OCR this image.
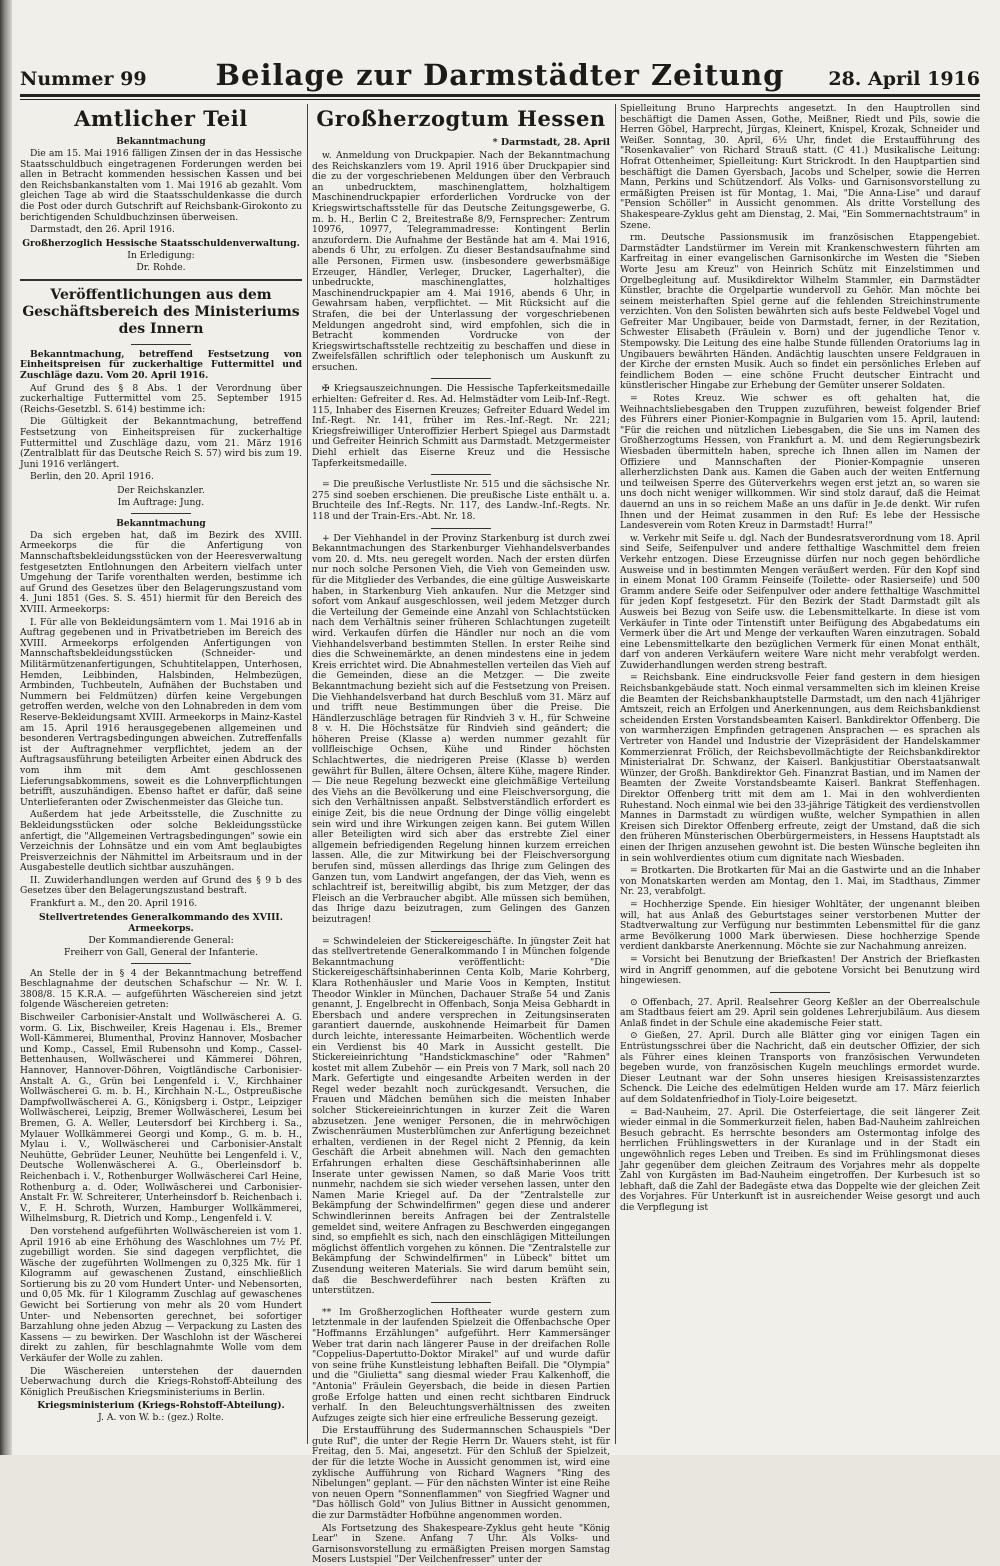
Nummer 99	Beilage zur Darmstädter Zeitung	28. April 1916
Amtlicher Teil
Bekanntmachung

Die am 15. Mai 1916 fälligen Zinsen der in das Hessische Staatsschuldbuch eingetragenen Forderungen werden bei allen in Betracht kommenden hessischen Kassen und bei den Reichsbankanstalten vom 1. Mai 1916 ab gezahlt. Vom gleichen Tage ab wird die Staatsschuldenkasse die durch die Post oder durch Gutschrift auf Reichsbank-Girokonto zu berichtigenden Schuldbuchzinsen überweisen.

Darmstadt, den 26. April 1916.

Großherzoglich Hessische Staatsschuldenverwaltung.
In Erledigung:
Dr. Rohde.
Veröffentlichungen aus dem Geschäftsbereich des Ministeriums des Innern

Bekanntmachung, betreffend Festsetzung von Einheitspreisen für zuckerhaltige Futtermittel und Zuschläge dazu. Vom 20. April 1916.

Auf Grund des § 8 Abs. 1 der Verordnung über zuckerhaltige Futtermittel vom 25. September 1915 (Reichs-Gesetzbl. S. 614) bestimme ich:

Die Gültigkeit der Bekanntmachung, betreffend Festsetzung von Einheitspreisen für zuckerhaltige Futtermittel und Zuschläge dazu, vom 21. März 1916 (Zentralblatt für das Deutsche Reich S. 57) wird bis zum 19. Juni 1916 verlängert.

Berlin, den 20. April 1916.

Der Reichskanzler.
Im Auftrage: Jung.
Bekanntmachung

Da sich ergeben hat, daß im Bezirk des XVIII. Armeekorps die für die Anfertigung von Mannschaftsbekleidungsstücken von der Heeresverwaltung festgesetzten Entlohnungen den Arbeitern vielfach unter Umgehung der Tarife vorenthalten werden, bestimme ich auf Grund des Gesetzes über den Belagerungszustand vom 4. Juni 1851 (Ges. S. S. 451) hiermit für den Bereich des XVIII. Armeekorps:

I. Für alle von Bekleidungsämtern vom 1. Mai 1916 ab in Auftrag gegebenen und in Privatbetrieben im Bereich des XVIII. Armeekorps erfolgenden Anfertigungen von Mannschaftsbekleidungsstücken (Schneider- und Militärmützenanfertigungen, Schuhtitelappen, Unterhosen, Hemden, Leibbinden, Halsbinden, Helmbezügen, Armbinden, Tuchbeuteln, Aufnähen der Buchstaben und Nummern bei Feldmützen) dürfen keine Vergebungen getroffen werden, welche von den Lohnabreden in dem vom Reserve-Bekleidungsamt XVIII. Armeekorps in Mainz-Kastel am 15. April 1916 herausgegebenen allgemeinen und besonderen Vertragsbedingungen abweichen. Zutreffenfalls ist der Auftragnehmer verpflichtet, jedem an der Auftragsausführung beteiligten Arbeiter einen Abdruck des vom ihm mit dem Amt geschlossenen Lieferungsabkommens, soweit es die Lohnverpflichtungen betrifft, auszuhändigen. Ebenso haftet er dafür, daß seine Unterlieferanten oder Zwischenmeister das Gleiche tun.

Außerdem hat jede Arbeitsstelle, die Zuschnitte zu Bekleidungsstücken oder solche Bekleidungsstücke anfertigt, die "Allgemeinen Vertragsbedingungen" sowie ein Verzeichnis der Lohnsätze und ein vom Amt beglaubigtes Preisverzeichnis der Nähmittel im Arbeitsraum und in der Ausgabestelle deutlich sichtbar auszuhängen.

II. Zuwiderhandlungen werden auf Grund des § 9 b des Gesetzes über den Belagerungszustand bestraft.

Frankfurt a. M., den 20. April 1916.

Stellvertretendes Generalkommando des XVIII. Armeekorps.
Der Kommandierende General:
Freiherr von Gall, General der Infanterie.

An Stelle der in § 4 der Bekanntmachung betreffend Beschlagnahme der deutschen Schafschur — Nr. W. I. 3808/8. 15 K.R.A. — aufgeführten Wäschereien sind jetzt folgende Wäschereien getreten:

Bischweiler Carbonisier-Anstalt und Wollwäscherei A. G. vorm. G. Lix, Bischweiler, Kreis Hagenau i. Els., Bremer Woll-Kämmerei, Blumenthal, Provinz Hannover, Mosbacher und Komp., Cassel, Emil Rubensohn und Komp., Cassel-Bettenhausen, Wollwäscherei und Kämmerei Döhren, Hannover, Hannover-Döhren, Voigtländische Carbonisier-Anstalt A. G., Grün bei Lengenfeld i. V., Kirchhainer Wollwäscherei G. m. b. H., Kirchhain N.-L., Ostpreußische Dampfwollwäscherei A. G., Königsberg i. Ostpr., Leipziger Wollwäscherei, Leipzig, Bremer Wollwäscherei, Lesum bei Bremen, G. A. Weller, Leutersdorf bei Kirchberg i. Sa., Mylauer Wollkämmerei Georgi und Komp., G. m. b. H., Mylau i. V., Wollwäscherei und Carbonisier-Anstalt Neuhütte, Gebrüder Leuner, Neuhütte bei Lengenfeld i. V., Deutsche Wollenwäscherei A. G., Oberleinsdorf b. Reichenbach i. V., Rothenburger Wollwäscherei Carl Heine, Rothenburg a. d. Oder, Wollwäscherei und Carbonisier-Anstalt Fr. W. Schreiterer, Unterheinsdorf b. Reichenbach i. V., F. H. Schroth, Wurzen, Hamburger Wollkämmerei, Wilhelmsburg, R. Dietrich und Komp., Lengenfeld i. V.

Den vorstehend aufgeführten Wollwäschereien ist vom 1. April 1916 ab eine Erhöhung des Waschlohnes um 7½ Pf. zugebilligt worden. Sie sind dagegen verpflichtet, die Wäsche der zugeführten Wollmengen zu 0,325 Mk. für 1 Kilogramm auf gewaschenen Zustand, einschließlich Sortierung bis zu 20 vom Hundert Unter- und Nebensorten, und 0,05 Mk. für 1 Kilogramm Zuschlag auf gewaschenes Gewicht bei Sortierung von mehr als 20 vom Hundert Unter- und Nebensorten gerechnet, bei sofortiger Barzahlung ohne jeden Abzug — Verpackung zu Lasten des Kassens — zu bewirken. Der Waschlohn ist der Wäscherei direkt zu zahlen, für beschlagnahmte Wolle vom dem Verkäufer der Wolle zu zahlen.

Die Wäschereien unterstehen der dauernden Ueberwachung durch die Kriegs-Rohstoff-Abteilung des Königlich Preußischen Kriegsministeriums in Berlin.

Kriegsministerium (Kriegs-Rohstoff-Abteilung).
J. A. von W. b.: (gez.) Rolte.
Großherzogtum Hessen
* Darmstadt, 28. April

w. Anmeldung von Druckpapier. Nach der Bekanntmachung des Reichskanzlers vom 19. April 1916 über Druckpapier sind die zu der vorgeschriebenen Meldungen über den Verbrauch an unbedrucktem, maschinenglattem, holzhaltigem Maschinendruckpapier erforderlichen Vordrucke von der Kriegswirtschaftsstelle für das Deutsche Zeitungsgewerbe, G. m. b. H., Berlin C 2, Breitestraße 8/9, Fernsprecher: Zentrum 10976, 10977, Telegrammadresse: Kontingent Berlin anzufordern. Die Aufnahme der Bestände hat am 4. Mai 1916, abends 6 Uhr, zu erfolgen. Zu dieser Bestandsaufnahme sind alle Personen, Firmen usw. (insbesondere gewerbsmäßige Erzeuger, Händler, Verleger, Drucker, Lagerhalter), die unbedruckte, maschinenglattes, holzhaltiges Maschinendruckpapier am 4. Mai 1916, abends 6 Uhr, in Gewahrsam haben, verpflichtet. — Mit Rücksicht auf die Strafen, die bei der Unterlassung der vorgeschriebenen Meldungen angedroht sind, wird empfohlen, sich die in Betracht kommenden Vordrucke von der Kriegswirtschaftsstelle rechtzeitig zu beschaffen und diese in Zweifelsfällen schriftlich oder telephonisch um Auskunft zu ersuchen.

✠ Kriegsauszeichnungen. Die Hessische Tapferkeitsmedaille erhielten: Gefreiter d. Res. Ad. Helmstädter vom Leib-Inf.-Regt. 115, Inhaber des Eisernen Kreuzes; Gefreiter Eduard Wedel im Inf.-Regt. Nr. 141, früher im Res.-Inf.-Regt. Nr. 221; Kriegsfreiwilliger Unteroffizier Herbert Spiegel aus Darmstadt und Gefreiter Heinrich Schmitt aus Darmstadt. Metzgermeister Diehl erhielt das Eiserne Kreuz und die Hessische Tapferkeitsmedaille.

= Die preußische Verlustliste Nr. 515 und die sächsische Nr. 275 sind soeben erschienen. Die preußische Liste enthält u. a. Bruchteile des Inf.-Regts. Nr. 117, des Landw.-Inf.-Regts. Nr. 118 und der Train-Ers.-Abt. Nr. 18.

+ Der Viehhandel in der Provinz Starkenburg ist durch zwei Bekanntmachungen des Starkenburger Viehhandelsverbandes vom 20. d. Mts. neu geregelt worden. Nach der ersten dürfen nur noch solche Personen Vieh, die Vieh von Gemeinden usw. für die Mitglieder des Verbandes, die eine gültige Ausweiskarte haben, in Starkenburg Vieh ankaufen. Nur die Metzger sind sofort vom Ankauf ausgeschlossen, weil jedem Metzger durch die Verteilung der Gemeinde eine Anzahl von Schlachtstücken nach dem Verhältnis seiner früheren Schlachtungen zugeteilt wird. Verkaufen dürfen die Händler nur noch an die vom Viehhandelsverband bestimmten Stellen. In erster Reihe sind dies die Schweinemärkte, an denen mindestens eine in jedem Kreis errichtet wird. Die Abnahmestellen verteilen das Vieh auf die Gemeinden, diese an die Metzger. — Die zweite Bekanntmachung bezieht sich auf die Festsetzung von Preisen. Die Viehhandelsverband hat durch Beschluß vom 31. März auf und trifft neue Bestimmungen über die Preise. Die Händlerzuschläge betragen für Rindvieh 3 v. H., für Schweine 8 v. H. Die Höchstsätze für Rindvieh sind geändert; die höheren Preise (Klasse a) werden nummer gezahlt für vollfleischige Ochsen, Kühe und Rinder höchsten Schlachtwertes, die niedrigeren Preise (Klasse b) werden gewährt für Bullen, ältere Ochsen, ältere Kühe, magere Rinder. — Die neue Regelung bezweckt eine gleichmäßige Verteilung des Viehs an die Bevölkerung und eine Fleischversorgung, die sich den Verhältnissen anpaßt. Selbstverständlich erfordert es einige Zeit, bis die neue Ordnung der Dinge völlig eingelebt sein wird und ihre Wirkungen zeigen kann. Bei gutem Willen aller Beteiligten wird sich aber das erstrebte Ziel einer allgemein befriedigenden Regelung hinnen kurzem erreichen lassen. Alle, die zur Mitwirkung bei der Fleischversorgung berufen sind, müssen allerdings das Ihrige zum Gelingen des Ganzen tun, vom Landwirt angefangen, der das Vieh, wenn es schlachtreif ist, bereitwillig abgibt, bis zum Metzger, der das Fleisch an die Verbraucher abgibt. Alle müssen sich bemühen, das Ihrige dazu beizutragen, zum Gelingen des Ganzen beizutragen!

= Schwindeleien der Stickereigeschäfte. In jüngster Zeit hat das stellvertretende Generalkommando I in München folgende Bekanntmachung veröffentlicht: "Die Stickereigeschäftsinhaberinnen Centa Kolb, Marie Kohrberg, Klara Rothenhäusler und Marie Voos in Kempten, Institut Theodor Winkler in München, Dachauer Straße 54 und Zanis genannt, J. Engelbrecht in Offenbach, Sonja Meisa Gebhardt in Ebersbach und andere versprechen in Zeitungsinseraten garantiert dauernde, auskohnende Heimarbeit für Damen durch leichte, interessante Heimarbeiten. Wöchentlich werde ein Verdienst bis 40 Mark in Aussicht gestellt. Die Stickereieinrichtung "Handstickmaschine" oder "Rahmen" kostet mit allem Zubehör — ein Preis von 7 Mark, soll nach 20 Mark. Gefertigte und eingesandte Arbeiten werden in der Regel weder bezahlt noch zurückgesandt. Versuchen, die Frauen und Mädchen bemühen sich die meisten Inhaber solcher Stickereieinrichtungen in kurzer Zeit die Waren abzusetzen. Jene weniger Personen, die in mehrwöchigen Zwischenräumen Musterblümchen zur Anfertigung bezeichnet erhalten, verdienen in der Regel nicht 2 Pfennig, da kein Geschäft die Arbeit abnehmen will. Nach den gemachten Erfahrungen erhalten diese Geschäftsinhaberinnen alle Inserate unter gewissen Namen, so daß Marie Voos tritt nunmehr, nachdem sie sich wieder versehen lassen, unter den Namen Marie Kriegel auf. Da der "Zentralstelle zur Bekämpfung der Schwindelfirmen" gegen diese und anderer Schwindlerinnen bereits Anfragen bei der Zentralstelle gemeldet sind, weitere Anfragen zu Beschwerden eingegangen sind, so empfiehlt es sich, nach den einschlägigen Mitteilungen möglichst öffentlich vorgehen zu können. Die "Zentralstelle zur Bekämpfung der Schwindelfirmen" in Lübeck" bittet um Zusendung weiteren Materials. Sie wird darum bemüht sein, daß die Beschwerdeführer nach besten Kräften zu unterstützen.

** Im Großherzoglichen Hoftheater wurde gestern zum letztenmale in der laufenden Spielzeit die Offenbachsche Oper "Hoffmanns Erzählungen" aufgeführt. Herr Kammersänger Weber trat darin nach längerer Pause in der dreifachen Rolle "Coppelius-Dapertutto-Doktor Mirakel" auf und wurde dafür von seine frühe Kunstleistung lebhaften Beifall. Die "Olympia" und die "Giulietta" sang diesmal wieder Frau Kalkenhoff, die "Antonia" Fräulein Geyersbach, die beide in diesen Partien große Erfolge hatten und einen recht sichtbaren Eindruck verhalf. In den Beleuchtungsverhältnissen des zweiten Aufzuges zeigte sich hier eine erfreuliche Besserung gezeigt.

Die Erstaufführung des Sudermannschen Schauspiels "Der gute Ruf", die unter der Regie Herrn Dr. Wauers steht, ist für Freitag, den 5. Mai, angesetzt. Für den Schluß der Spielzeit, der für die letzte Woche in Aussicht genommen ist, wird eine zyklische Aufführung von Richard Wagners "Ring des Nibelungen" geplant. — Für den nächsten Winter ist eine Reihe von neuen Opern "Sonnenflammen" von Siegfried Wagner und "Das höllisch Gold" von Julius Bittner in Aussicht genommen, die zur Darmstädter Hofbühne angenommen worden.

Als Fortsetzung des Shakespeare-Zyklus geht heute "König Lear" in Szene. Anfang 7 Uhr. Als Volks- und Garnisonsvorstellung zu ermäßigten Preisen morgen Samstag Mosers Lustspiel "Der Veilchenfresser" unter der

Spielleitung Bruno Harprechts angesetzt. In den Hauptrollen sind beschäftigt die Damen Assen, Gothe, Meißner, Riedt und Pils, sowie die Herren Göbel, Harprecht, Jürgas, Kleinert, Knispel, Krozak, Schneider und Weißer. Sonntag, 30. April, 6½ Uhr, findet die Erstaufführung des "Rosenkavalier" von Richard Strauß statt. (C 41.) Musikalische Leitung: Hofrat Ottenheimer, Spielleitung: Kurt Strickrodt. In den Hauptpartien sind beschäftigt die Damen Gyersbach, Jacobs und Schelper, sowie die Herren Mann, Perkins und Schützendorf. Als Volks- und Garnisonsvorstellung zu ermäßigten Preisen ist für Montag, 1. Mai, "Die Anna-Lise" und darauf "Pension Schöller" in Aussicht genommen. Als dritte Vorstellung des Shakespeare-Zyklus geht am Dienstag, 2. Mai, "Ein Sommernachtstraum" in Szene.

rm. Deutsche Passionsmusik im französischen Etappengebiet. Darmstädter Landstürmer im Verein mit Krankenschwestern führten am Karfreitag in einer evangelischen Garnisonkirche im Westen die "Sieben Worte Jesu am Kreuz" von Heinrich Schütz mit Einzelstimmen und Orgelbegleitung auf. Musikdirektor Wilhelm Stammler, ein Darmstädter Künstler, brachte die Orgelpartie wundervoll zu Gehör. Man möchte bei seinem meisterhaften Spiel gerne auf die fehlenden Streichinstrumente verzichten. Von den Solisten bewährten sich aufs beste Feldwebel Vogel und Gefreiter Mar Ungibauer, beide von Darmstadt, ferner, in der Rezitation, Schwester Elisabeth (Fräulein v. Born) und der jugendliche Tenor v. Stempowsky. Die Leitung des eine halbe Stunde füllenden Oratoriums lag in Ungibauers bewährten Händen. Andächtig lauschten unsere Feldgrauen in der Kirche der ernsten Musik. Auch so findet ein persönliches Erleben auf feindlichem Boden — eine schöne Frucht deutscher Eintracht und künstlerischer Hingabe zur Erhebung der Gemüter unserer Soldaten.

= Rotes Kreuz. Wie schwer es oft gehalten hat, die Weihnachtsliebesgaben den Truppen zuzuführen, beweist folgender Brief des Führers einer Pionier-Kompagnie in Bulgarien vom 15. April, lautend: "Für die reichen und nützlichen Liebesgaben, die Sie uns im Namen des Großherzogtums Hessen, von Frankfurt a. M. und dem Regierungsbezirk Wiesbaden übermitteln haben, spreche ich Ihnen allen im Namen der Offiziere und Mannschaften der Pionier-Kompagnie unseren allerherzlichsten Dank aus. Kamen die Gaben auch der weiten Entfernung und teilweisen Sperre des Güterverkehrs wegen erst jetzt an, so waren sie uns doch nicht weniger willkommen. Wir sind stolz darauf, daß die Heimat dauernd an uns in so reichem Maße an uns dafür in Je.de denkt. Wir rufen Ihnen und der Heimat zusammen in den Ruf: Es lebe der Hessische Landesverein vom Roten Kreuz in Darmstadt! Hurra!"

w. Verkehr mit Seife u. dgl. Nach der Bundesratsverordnung vom 18. April sind Seife, Seifenpulver und andere fetthaltige Waschmittel dem freien Verkehr entzogen. Diese Erzeugnisse dürfen nur noch gegen behördliche Ausweise und in bestimmten Mengen veräußert werden. Für den Kopf sind in einem Monat 100 Gramm Feinseife (Toilette- oder Rasierseife) und 500 Gramm andere Seife oder Seifenpulver oder andere fetthaltige Waschmittel für jeden Kopf festgesetzt. Für den Bezirk der Stadt Darmstadt gilt als Ausweis bei Bezug von Seife usw. die Lebensmittelkarte. In diese ist vom Verkäufer in Tinte oder Tintenstift unter Beifügung des Abgabedatums ein Vermerk über die Art und Menge der verkauften Waren einzutragen. Sobald eine Lebensmittelkarte den bezüglichen Vermerk für einen Monat enthält, darf von anderen Verkäufern weitere Ware nicht mehr verabfolgt werden. Zuwiderhandlungen werden streng bestraft.

= Reichsbank. Eine eindrucksvolle Feier fand gestern in dem hiesigen Reichsbankgebäude statt. Noch einmal versammelten sich im kleinen Kreise die Beamten der Reichsbankhauptstelle Darmstadt, um den nach 41jähriger Amtszeit, reich an Erfolgen und Anerkennungen, aus dem Reichsbankdienst scheidenden Ersten Vorstandsbeamten Kaiserl. Bankdirektor Offenberg. Die von warmherzigen Empfinden getragenen Ansprachen — es sprachen als Vertreter von Handel und Industrie der Vizepräsident der Handelskammer Kommerzienrat Frölich, der Reichsbevollmächtigte der Reichsbankdirektor Ministerialrat Dr. Schwanz, der Kaiserl. Bankjustitiar Oberstaatsanwalt Wünzer, der Großh. Bankdirektor Geh. Finanzrat Bastian, und im Namen der Beamten der Zweite Vorstandsbeamte Kaiserl. Bankrat Steffenhagen. Direktor Offenberg tritt mit dem am 1. Mai in den wohlverdienten Ruhestand. Noch einmal wie bei den 33-jährige Tätigkeit des verdienstvollen Mannes in Darmstadt zu würdigen wußte, welcher Sympathien in allen Kreisen sich Direktor Offenberg erfreute, zeigt der Umstand, daß die sich den früheren Münsterischen Oberbürgermeisters, in Hessens Hauptstadt als einen der Ihrigen anzusehen gewohnt ist. Die besten Wünsche begleiten ihn in sein wohlverdientes otium cum dignitate nach Wiesbaden.

= Brotkarten. Die Brotkarten für Mai an die Gastwirte und an die Inhaber von Monatskarten werden am Montag, den 1. Mai, im Stadthaus, Zimmer Nr. 23, verabfolgt.

= Hochherzige Spende. Ein hiesiger Wohltäter, der ungenannt bleiben will, hat aus Anlaß des Geburtstages seiner verstorbenen Mutter der Stadtverwaltung zur Verfügung nur bestimmten Lebensmittel für die ganz arme Bevölkerung 1000 Mark überwiesen. Diese hochherzige Spende verdient dankbarste Anerkennung. Möchte sie zur Nachahmung anreizen.

= Vorsicht bei Benutzung der Briefkasten! Der Anstrich der Briefkasten wird in Angriff genommen, auf die gebotene Vorsicht bei Benutzung wird hingewiesen.

⊙ Offenbach, 27. April. Realsehrer Georg Keßler an der Oberrealschule am Stadtbaus feiert am 29. April sein goldenes Lehrerjubiläum. Aus diesem Anlaß findet in der Schule eine akademische Feier statt.

⊙ Gießen, 27. April. Durch alle Blätter ging vor einigen Tagen ein Entrüstungsschrei über die Nachricht, daß ein deutscher Offizier, der sich als Führer eines kleinen Transports von französischen Verwundeten begeben wurde, von französischen Kugeln meuchlings ermordet wurde. Dieser Leutnant war der Sohn unseres hiesigen Kreisassistenzarztes Schenck. Die Leiche des edelmütigen Helden wurde am 17. März feierlich auf dem Soldatenfriedhof in Tioly-Loire beigesetzt.

= Bad-Nauheim, 27. April. Die Osterfeiertage, die seit längerer Zeit wieder einmal in die Sommerkurzeit fielen, haben Bad-Nauheim zahlreichen Besuch gebracht. Es herrschte besonders am Ostermontag infolge des herrlichen Frühlingswetters in der Kuranlage und in der Stadt ein ungewöhnlich reges Leben und Treiben. Es sind im Frühlingsmonat dieses Jahr gegenüber dem gleichen Zeitraum des Vorjahres mehr als doppelte Zahl von Kurgästen im Bad-Nauheim eingetroffen. Der Kurbesuch ist so lebhaft, daß die Zahl der Badegäste etwa das Doppelte wie der gleichen Zeit des Vorjahres. Für Unterkunft ist in ausreichender Weise gesorgt und auch die Verpflegung ist
